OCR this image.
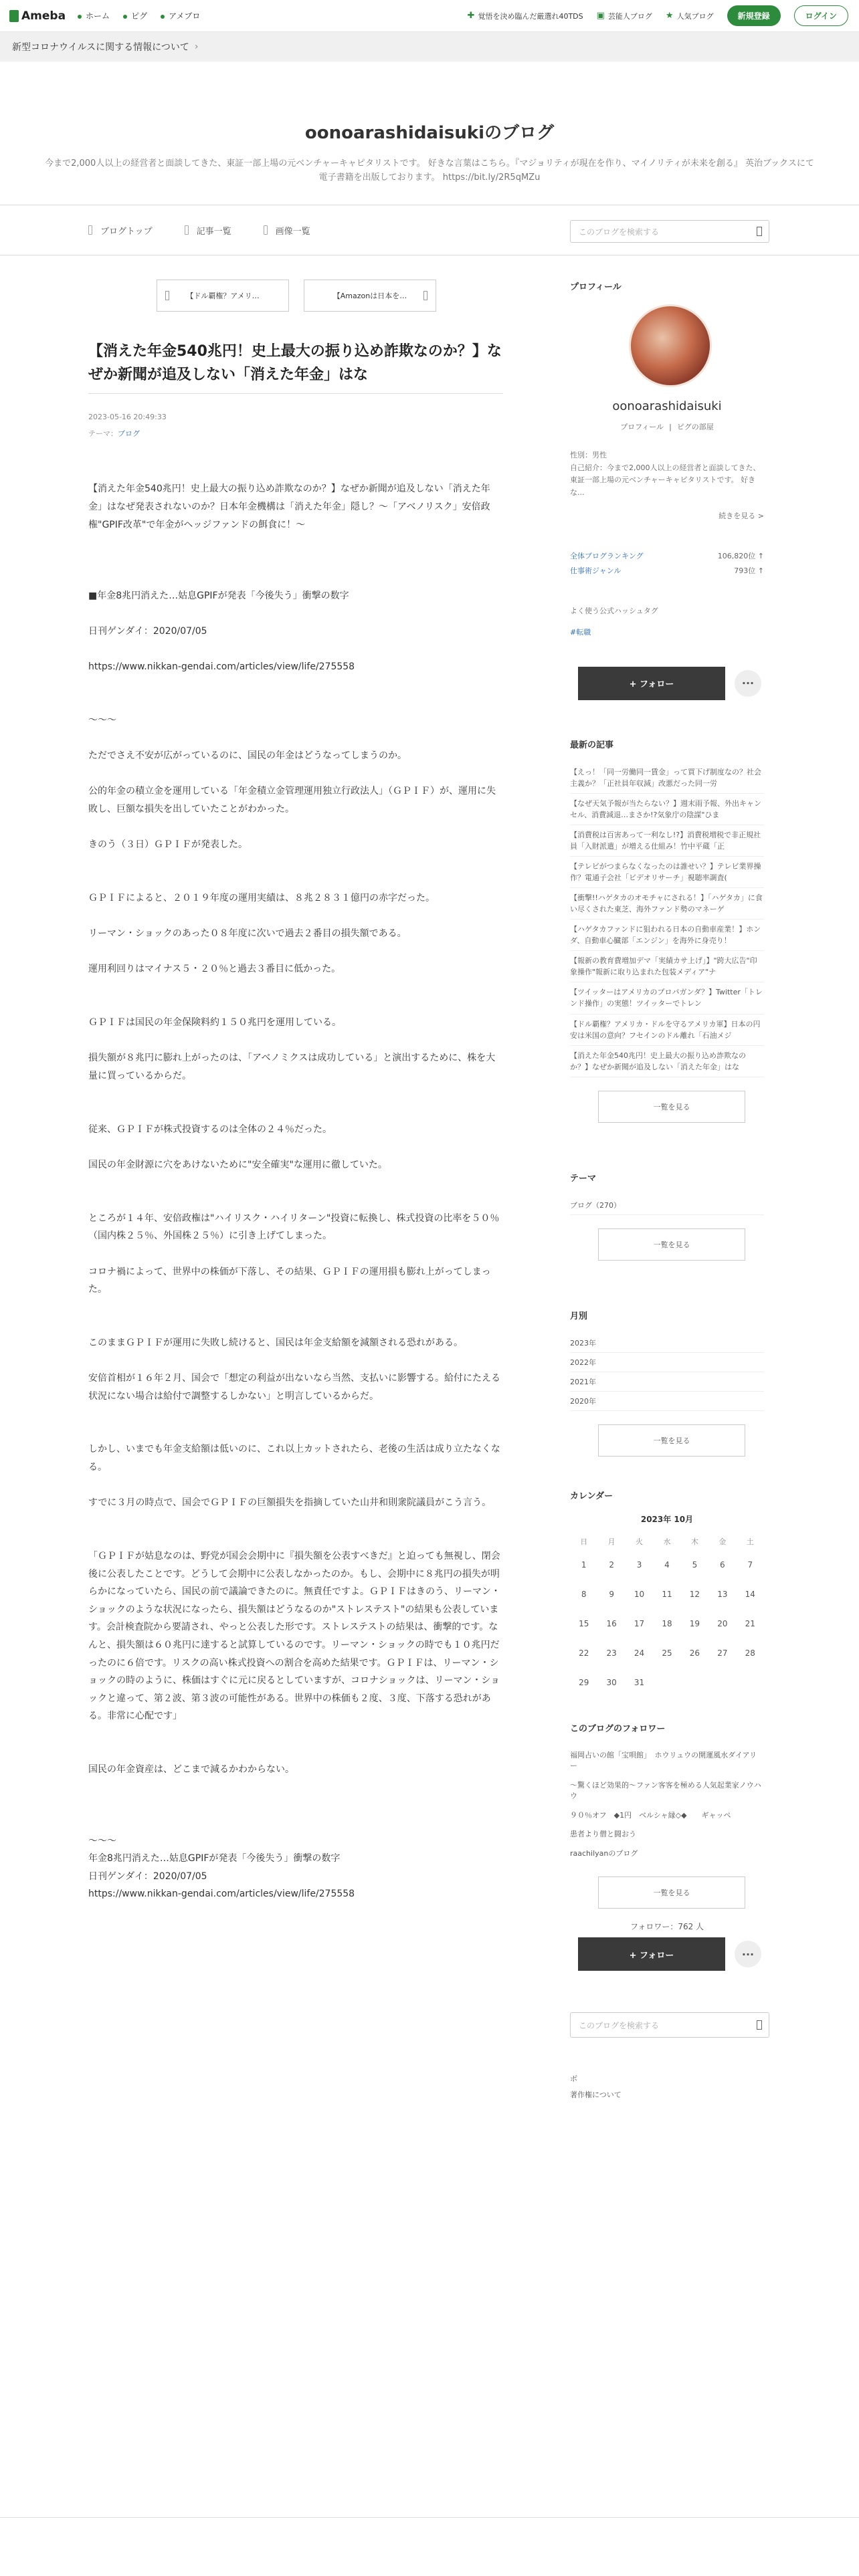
Ameba	ホーム	ピグ	アメブロ	✚ 覚悟を決め臨んだ厳選れ40TDS ▣ 芸能人ブログ ★ 人気ブログ	新規登録	ログイン
新型コロナウイルスに関する情報について ›
oonoarashidaisukiのブログ

今まで2,000人以上の経営者と面談してきた、東証一部上場の元ベンチャーキャピタリストです。 好きな言葉はこちら。『マジョリティが現在を作り、マイノリティが未来を創る』 英治ブックスにて電子書籍を出版しております。 https://bit.ly/2R5qMZu

ブログトップ	記事一覧	画像一覧	このブログを検索する
【ドル覇権？アメリ…	【Amazonは日本を…
【消えた年金540兆円！史上最大の振り込め詐欺なのか？】なぜか新聞が追及しない「消えた年金」はな
2023-05-16 20:49:33
テーマ：ブログ

【消えた年金540兆円！史上最大の振り込め詐欺なのか？】なぜか新聞が追及しない「消えた年金」はなぜ発表されないのか？日本年金機構は「消えた年金」隠し？〜「アベノリスク」安倍政権"GPIF改革"で年金がヘッジファンドの餌食に！〜

■年金8兆円消えた…姑息GPIFが発表「今後失う」衝撃の数字

日刊ゲンダイ：2020/07/05

https://www.nikkan-gendai.com/articles/view/life/275558

〜〜〜

ただでさえ不安が広がっているのに、国民の年金はどうなってしまうのか。

公的年金の積立金を運用している「年金積立金管理運用独立行政法人」（ＧＰＩＦ）が、運用に失敗し、巨額な損失を出していたことがわかった。

きのう（３日）ＧＰＩＦが発表した。

ＧＰＩＦによると、２０１９年度の運用実績は、８兆２８３１億円の赤字だった。

リーマン・ショックのあった０８年度に次いで過去２番目の損失額である。

運用利回りはマイナス５・２０％と過去３番目に低かった。

ＧＰＩＦは国民の年金保険料約１５０兆円を運用している。

損失額が８兆円に膨れ上がったのは、「アベノミクスは成功している」と演出するために、株を大量に買っているからだ。

従来、ＧＰＩＦが株式投資するのは全体の２４％だった。

国民の年金財源に穴をあけないために"安全確実"な運用に徹していた。

ところが１４年、安倍政権は"ハイリスク・ハイリターン"投資に転換し、株式投資の比率を５０％（国内株２５％、外国株２５％）に引き上げてしまった。

コロナ禍によって、世界中の株価が下落し、その結果、ＧＰＩＦの運用損も膨れ上がってしまった。

このままＧＰＩＦが運用に失敗し続けると、国民は年金支給額を減額される恐れがある。

安倍首相が１６年２月、国会で「想定の利益が出ないなら当然、支払いに影響する。給付にたえる状況にない場合は給付で調整するしかない」と明言しているからだ。

しかし、いまでも年金支給額は低いのに、これ以上カットされたら、老後の生活は成り立たなくなる。

すでに３月の時点で、国会でＧＰＩＦの巨額損失を指摘していた山井和則衆院議員がこう言う。

「ＧＰＩＦが姑息なのは、野党が国会会期中に『損失額を公表すべきだ』と迫っても無視し、閉会後に公表したことです。どうして会期中に公表しなかったのか。もし、会期中に８兆円の損失が明らかになっていたら、国民の前で議論できたのに。無責任ですよ。ＧＰＩＦはきのう、リーマン・ショックのような状況になったら、損失額はどうなるのか"ストレステスト"の結果も公表しています。会計検査院から要請され、やっと公表した形です。ストレステストの結果は、衝撃的です。なんと、損失額は６０兆円に達すると試算しているのです。リーマン・ショックの時でも１０兆円だったのに６倍です。リスクの高い株式投資への割合を高めた結果です。ＧＰＩＦは、リーマン・ショックの時のように、株価はすぐに元に戻るとしていますが、コロナショックは、リーマン・ショックと違って、第２波、第３波の可能性がある。世界中の株価も２度、３度、下落する恐れがある。非常に心配です」

国民の年金資産は、どこまで減るかわからない。

〜〜〜
年金8兆円消えた…姑息GPIFが発表「今後失う」衝撃の数字
日刊ゲンダイ：2020/07/05
https://www.nikkan-gendai.com/articles/view/life/275558

プロフィール
oonoarashidaisuki
プロフィール | ピグの部屋
性別：男性
自己紹介：今まで2,000人以上の経営者と面談してきた、東証一部上場の元ベンチャーキャピタリストです。 好きな...
続きを見る >
全体ブログランキング	106,820位 ↑
仕事術ジャンル	793位 ↑
よく使う公式ハッシュタグ
#転職
+ フォロー	···
最新の記事
【えっ！「同一労働同一賃金」って買下げ制度なの？社会主義か？「正社員年収減」改悪だった同一労
【なぜ天気予報が当たらない？】週末雨予報、外出キャンセル、消費減退…まさか!?気象庁の陰謀"ひま
【消費税は百害あって一利なし!?】消費税増税で非正規社員「入財派遣」が増える仕組み！竹中平蔵「正
【テレビがつまらなくなったのは誰せい？】テレビ業界操作？電通子会社「ビデオリサーチ」視聴率調査(
【衝撃!!ハゲタカのオモチャにされる！】「ハゲタカ」に食い尽くされた東芝、海外ファンド勢のマネーゲ
【ハゲタカファンドに狙われる日本の自動車産業！】ホンダ、自動車心臓部「エンジン」を海外に身売り！
【報新の教育費増加デマ「実績カサ上げ」】"跨大広告"印象操作"報新に取り込まれた包装メディア"ナ
【ツイッターはアメリカのプロパガンダ？】Twitter「トレンド操作」の実態！ツイッターでトレン
【ドル覇権？アメリカ・ドルを守るアメリカ軍】日本の円安は米国の意向？フセインのドル離れ「石油メジ
【消えた年金540兆円！史上最大の振り込め詐欺なのか？】なぜか新聞が追及しない「消えた年金」はな
一覧を見る
テーマ
ブログ（270）
一覧を見る
月別
2023年
2022年
2021年
2020年
一覧を見る
カレンダー
2023年 10月
日	月	火	水	木	金	土
1	2	3	4	5	6	7
8	9	10	11	12	13	14
15	16	17	18	19	20	21
22	23	24	25	26	27	28
29	30	31
このブログのフォロワー
福岡占いの館「宝唄館」　ホウリュウの開運風水ダイアリー
〜驚くほど効果的〜ファン客客を極める人気起業家ノウハウ
９０％オフ　◆1円　ベルシャ縁◇◆　　ギャッペ
患者より僧と闘おう
raachilyanのブログ
一覧を見る
フォロワー：762 人
+ フォロー	···
このブログを検索する
ボ
著作権について
